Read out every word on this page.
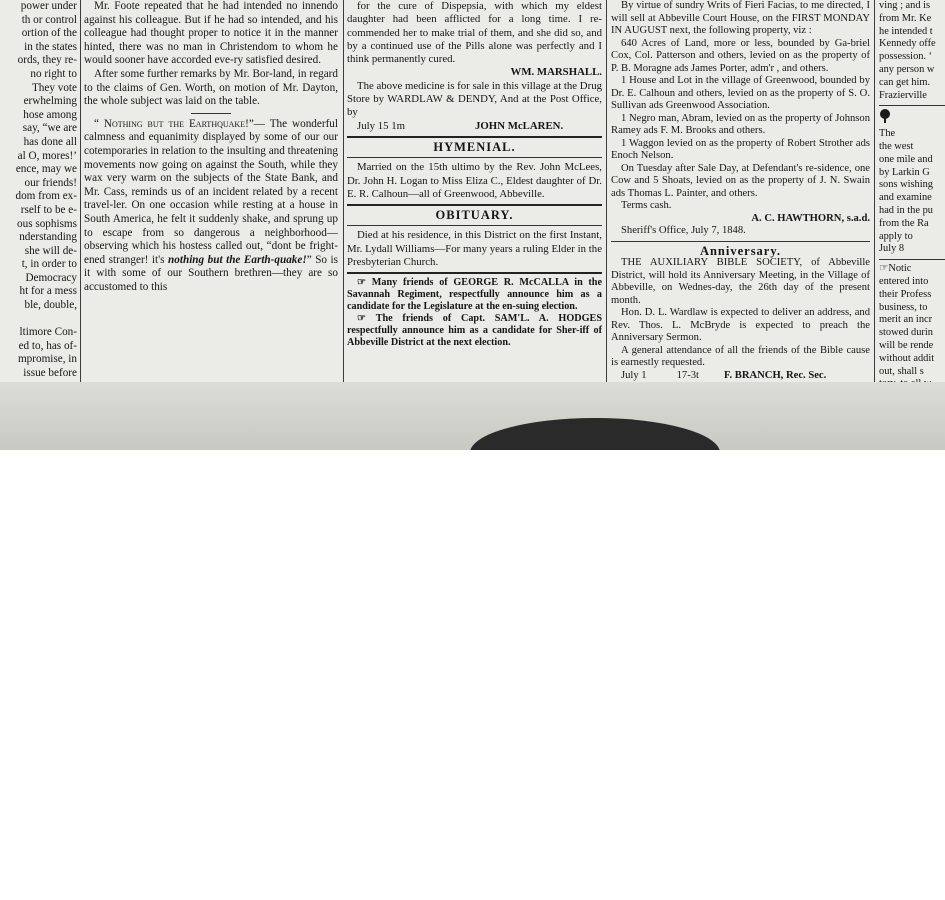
power under

th or control

ortion of the

in the states

ords, they re-

no right to

They vote

erwhelming

hose among

say, “we are

has done all

al O, mores!’

ence, may we

our friends!

dom from ex-

rself to be e-

ous sophisms

nderstanding

she will de-

t, in order to

Democracy

ht for a mess

ble, double,

ltimore Con-

ed to, has of-

mpromise, in

issue before

Mr. Foote repeated that he had intended no innendo against his colleague. But if he had so intended, and his colleague had thought proper to notice it in the manner hinted, there was no man in Christendom to whom he would sooner have accorded eve-ry satisfied desired.

After some further remarks by Mr. Bor-land, in regard to the claims of Gen. Worth, on motion of Mr. Dayton, the whole subject was laid on the table.

“ Nothing but the Earthquake!”— The wonderful calmness and equanimity displayed by some of our our cotemporaries in relation to the insulting and threatening movements now going on against the South, while they wax very warm on the subjects of the State Bank, and Mr. Cass, reminds us of an incident related by a recent travel-ler. On one occasion while resting at a house in South America, he felt it suddenly shake, and sprung up to escape from so dangerous a neighborhood—observing which his hostess called out, “dont be fright-ened stranger! it's nothing but the Earth-quake!” So is it with some of our Southern brethren—they are so accustomed to this

for the cure of Dispepsia, with which my eldest daughter had been afflicted for a long time. I re-commended her to make trial of them, and she did so, and by a continued use of the Pills alone was perfectly and I think permanently cured.

WM. MARSHALL.

The above medicine is for sale in this village at the Drug Store by WARDLAW & DENDY, And at the Post Office, by

July 15 1m	JOHN McLAREN.

HYMENIAL.

Married on the 15th ultimo by the Rev. John McLees, Dr. John H. Logan to Miss Eliza C., Eldest daughter of Dr. E. R. Calhoun—all of Greenwood, Abbeville.

OBITUARY.

Died at his residence, in this District on the first Instant, Mr. Lydall Williams—For many years a ruling Elder in the Presbyterian Church.

☞ Many friends of GEORGE R. McCALLA in the Savannah Regiment, respectfully announce him as a candidate for the Legislature at the en-suing election.

☞ The friends of Capt. SAM'L. A. HODGES respectfully announce him as a candidate for Sher-iff of Abbeville District at the next election.

By virtue of sundry Writs of Fieri Facias, to me directed, I will sell at Abbeville Court House, on the FIRST MONDAY IN AUGUST next, the following property, viz :

640 Acres of Land, more or less, bounded by Ga-briel Cox, Col. Patterson and others, levied on as the property of P. B. Moragne ads James Porter, adm'r , and others.

1 House and Lot in the village of Greenwood, bounded by Dr. E. Calhoun and others, levied on as the property of S. O. Sullivan ads Greenwood Association.

1 Negro man, Abram, levied on as the property of Johnson Ramey ads F. M. Brooks and others.

1 Waggon levied on as the property of Robert Strother ads Enoch Nelson.

On Tuesday after Sale Day, at Defendant's re-sidence, one Cow and 5 Shoats, levied on as the property of J. N. Swain ads Thomas L. Painter, and others.

Terms cash.

A. C. HAWTHORN, s.a.d.

Sheriff's Office, July 7, 1848.

Anniversary.

THE AUXILIARY BIBLE SOCIETY, of Abbeville District, will hold its Anniversary Meeting, in the Village of Abbeville, on Wednes-day, the 26th day of the present month.

Hon. D. L. Wardlaw is expected to deliver an address, and Rev. Thos. L. McBryde is expected to preach the Anniversary Sermon.

A general attendance of all the friends of the Bible cause is earnestly requested.

July 1	17-3t F. BRANCH, Rec. Sec.

ving ; and is

from Mr. Ke

he intended t

Kennedy offe

possession. ‘

any person w

can get him.

Frazierville

The

the west

one mile and

by Larkin G

sons wishing

and examine

had in the pu

from the Ra

apply to

July 8

☞Notic

entered into

their Profess

business, to

merit an incr

stowed durin

will be rende

without addit

out, shall s
